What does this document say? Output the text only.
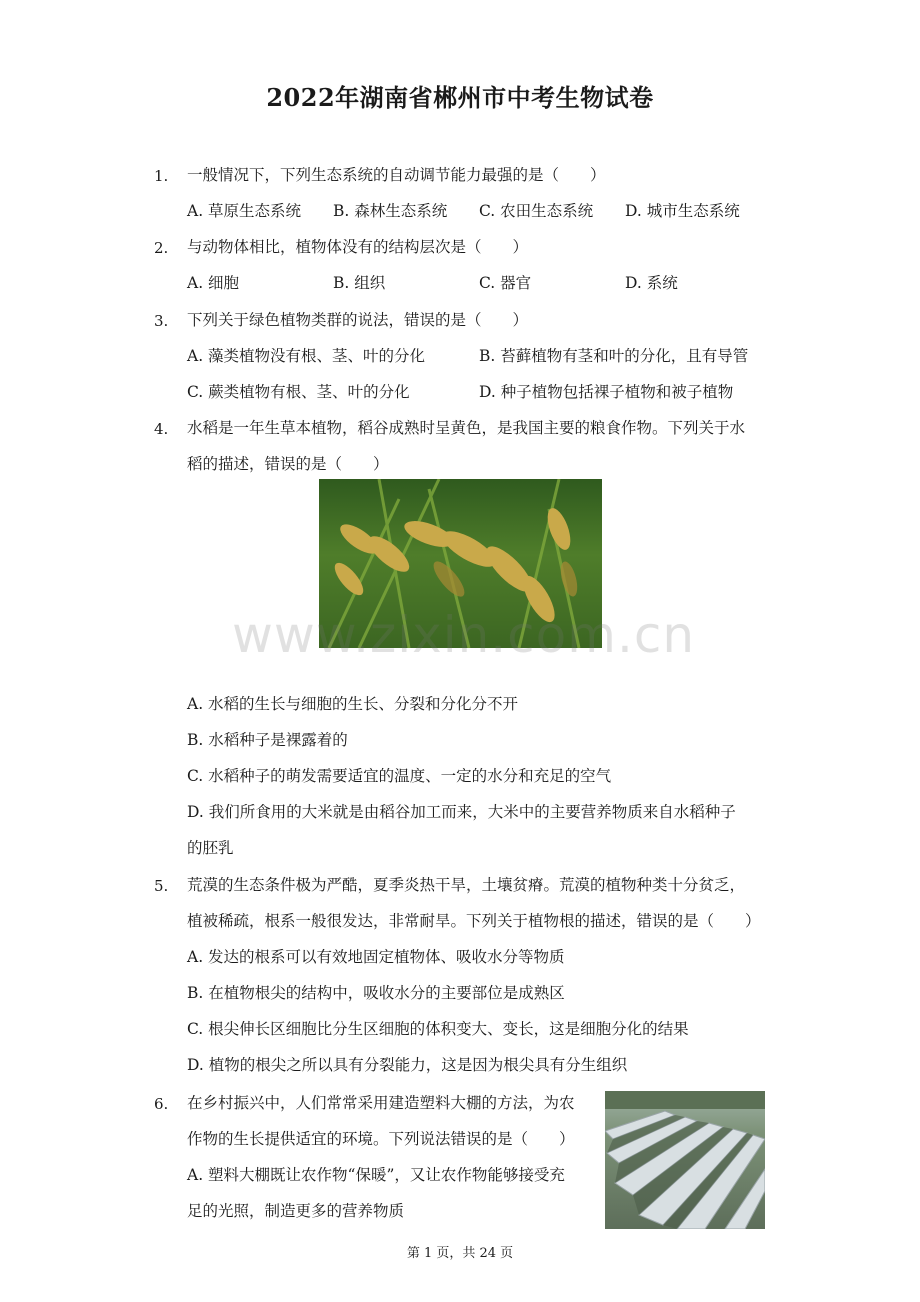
2022年湖南省郴州市中考生物试卷
1. 一般情况下，下列生态系统的自动调节能力最强的是（　　）
A. 草原生态系统 B. 森林生态系统 C. 农田生态系统 D. 城市生态系统
2. 与动物体相比，植物体没有的结构层次是（　　）
A. 细胞	B. 组织	C. 器官	D. 系统
3. 下列关于绿色植物类群的说法，错误的是（　　）
A. 藻类植物没有根、茎、叶的分化	B. 苔藓植物有茎和叶的分化，且有导管
C. 蕨类植物有根、茎、叶的分化	D. 种子植物包括裸子植物和被子植物
4. 水稻是一年生草本植物，稻谷成熟时呈黄色，是我国主要的粮食作物。下列关于水
稻的描述，错误的是（　　）
www.zixin.com.cn
A. 水稻的生长与细胞的生长、分裂和分化分不开
B. 水稻种子是裸露着的
C. 水稻种子的萌发需要适宜的温度、一定的水分和充足的空气
D. 我们所食用的大米就是由稻谷加工而来，大米中的主要营养物质来自水稻种子
的胚乳
5. 荒漠的生态条件极为严酷，夏季炎热干旱，土壤贫瘠。荒漠的植物种类十分贫乏，
植被稀疏，根系一般很发达，非常耐旱。下列关于植物根的描述，错误的是（　　）
A. 发达的根系可以有效地固定植物体、吸收水分等物质
B. 在植物根尖的结构中，吸收水分的主要部位是成熟区
C. 根尖伸长区细胞比分生区细胞的体积变大、变长，这是细胞分化的结果
D. 植物的根尖之所以具有分裂能力，这是因为根尖具有分生组织
6. 在乡村振兴中，人们常常采用建造塑料大棚的方法，为农
作物的生长提供适宜的环境。下列说法错误的是（　　）
A. 塑料大棚既让农作物“保暖”，又让农作物能够接受充
足的光照，制造更多的营养物质
第 1 页，共 24 页
